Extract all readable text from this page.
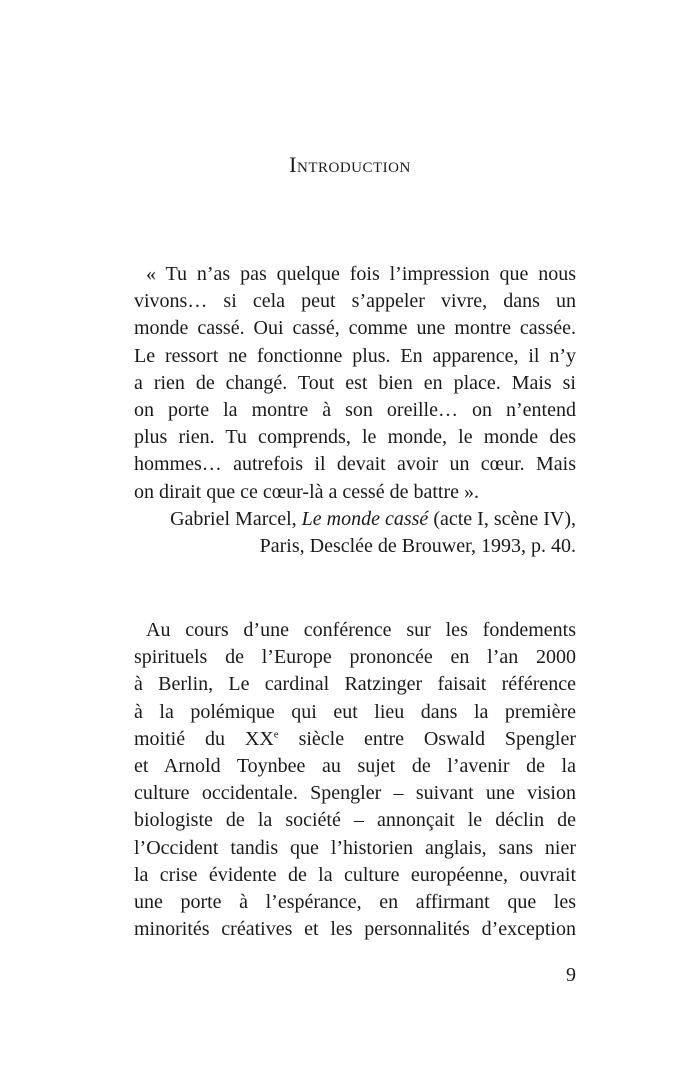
Introduction
« Tu n’as pas quelque fois l’impression que nous
vivons… si cela peut s’appeler vivre, dans un
monde cassé. Oui cassé, comme une montre cassée.
Le ressort ne fonctionne plus. En apparence, il n’y
a rien de changé. Tout est bien en place. Mais si
on porte la montre à son oreille… on n’entend
plus rien. Tu comprends, le monde, le monde des
hommes… autrefois il devait avoir un cœur. Mais
on dirait que ce cœur-là a cessé de battre ».
Gabriel Marcel, Le monde cassé (acte I, scène IV),
Paris, Desclée de Brouwer, 1993, p. 40.
Au cours d’une conférence sur les fondements
spirituels de l’Europe prononcée en l’an 2000
à Berlin, Le cardinal Ratzinger faisait référence
à la polémique qui eut lieu dans la première
moitié du XXe siècle entre Oswald Spengler
et Arnold Toynbee au sujet de l’avenir de la
culture occidentale. Spengler – suivant une vision
biologiste de la société – annonçait le déclin de
l’Occident tandis que l’historien anglais, sans nier
la crise évidente de la culture européenne, ouvrait
une porte à l’espérance, en affirmant que les
minorités créatives et les personnalités d’exception
9
